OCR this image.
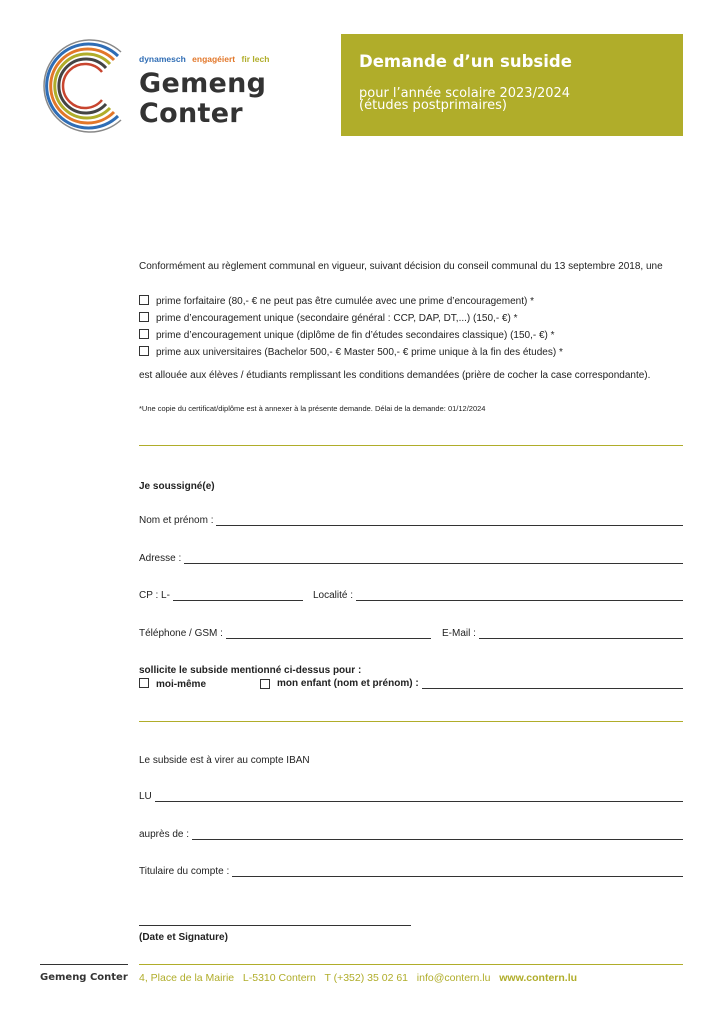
dynamesch engagéiert fir Iech
Gemeng
Conter
Demande d’un subside
pour l’année scolaire 2023/2024
(études postprimaires)
Conformément au règlement communal en vigueur, suivant décision du conseil communal du 13 septembre 2018, une
prime forfaitaire (80,- € ne peut pas être cumulée avec une prime d’encouragement) *
prime d’encouragement unique (secondaire général : CCP, DAP, DT,...) (150,- €) *
prime d’encouragement unique (diplôme de fin d’études secondaires classique) (150,- €) *
prime aux universitaires (Bachelor 500,- € Master 500,- € prime unique à la fin des études) *
est allouée aux élèves / étudiants remplissant les conditions demandées (prière de cocher la case correspondante).
*Une copie du certificat/diplôme est à annexer à la présente demande. Délai de la demande: 01/12/2024
Je soussigné(e)
Nom et prénom :
Adresse :
CP : L-	Localité :
Téléphone / GSM :	E-Mail :
sollicite le subside mentionné ci-dessus pour :
moi-même	mon enfant (nom et prénom) :
Le subside est à virer au compte IBAN
LU
auprès de :
Titulaire du compte :
(Date et Signature)
Gemeng Conter 4, Place de la Mairie L-5310 Contern T (+352) 35 02 61 info@contern.lu www.contern.lu
